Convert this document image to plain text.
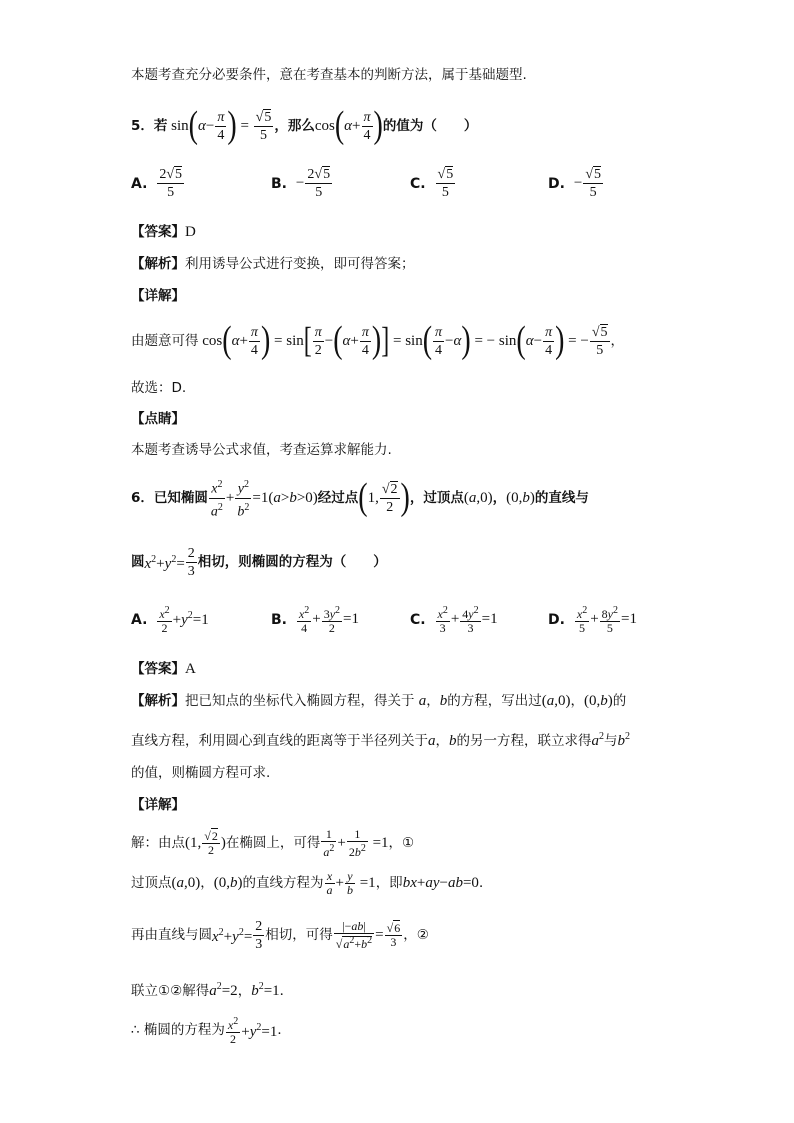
本题考查充分必要条件，意在考查基本的判断方法，属于基础题型.
5． 若 sin ( $\alpha - \frac{\pi}{4}$ ) = $\frac{√5}{5}$ ，那么 cos ( $\alpha + \frac{\pi}{4}$ ) 的值为（　　）
A.
$\frac{2√5}{5}$	B.
− $\frac{2√5}{5}$	C.
$\frac{√5}{5}$	D.
− $\frac{√5}{5}$
【答案】D
【解析】利用诱导公式进行变换，即可得答案；
【详解】
由题意可得 cos ( $\alpha + \frac{\pi}{4}$ ) = sin [ $\frac{\pi}{2}$ − ( $\alpha + \frac{\pi}{4}$ ) ] = sin ( $\frac{\pi}{4} - \alpha$ ) = − sin ( $\alpha - \frac{\pi}{4}$ ) = − $\frac{√5}{5}$ ，
故选：D.
【点睛】
本题考查诱导公式求值，考查运算求解能力.
6． 已知椭圆 $\frac{x^2}{a^2} + \frac{y^2}{b^2} =1(a>b>0)$ 经过点 ( 1, $\frac{√2}{2}$ ) ，过顶点 (a,0) ， (0,b) 的直线与
圆 $x^2+y^2= \frac{2}{3}$ 相切，则椭圆的方程为（　　）
A.
$\frac{x^2}{2} +y^2=1$	B.
$\frac{x^2}{4} + \frac{3y^2}{2} =1$	C.
$\frac{x^2}{3} + \frac{4y^2}{3} =1$	D.
$\frac{x^2}{5} + \frac{8y^2}{5} =1$
【答案】A
【解析】把已知点的坐标代入椭圆方程，得关于 a，b的方程，写出过(a,0)，(0,b)的
直线方程，利用圆心到直线的距离等于半径列关于a，b的另一方程，联立求得$a^2$与$b^2$
的值，则椭圆方程可求.
【详解】
解：由点 (1, $\frac{√2}{2}$ ) 在椭圆上，可得 $\frac{1}{a^2} + \frac{1}{2b^2} =1$ ，①
过顶点 (a,0) ， (0,b) 的直线方程为 $\frac{x}{a} + \frac{y}{b} =1$ ，即 bx+ay−ab=0 ．
再由直线与圆 $x^2+y^2= \frac{2}{3}$ 相切，可得 $\frac{|-ab|}{√a^2+b^2} = \frac{√6}{3}$ ，②
联立①②解得$a^2=2$，$b^2=1$．
∴ 椭圆的方程为 $\frac{x^2}{2} +y^2=1$ ．
